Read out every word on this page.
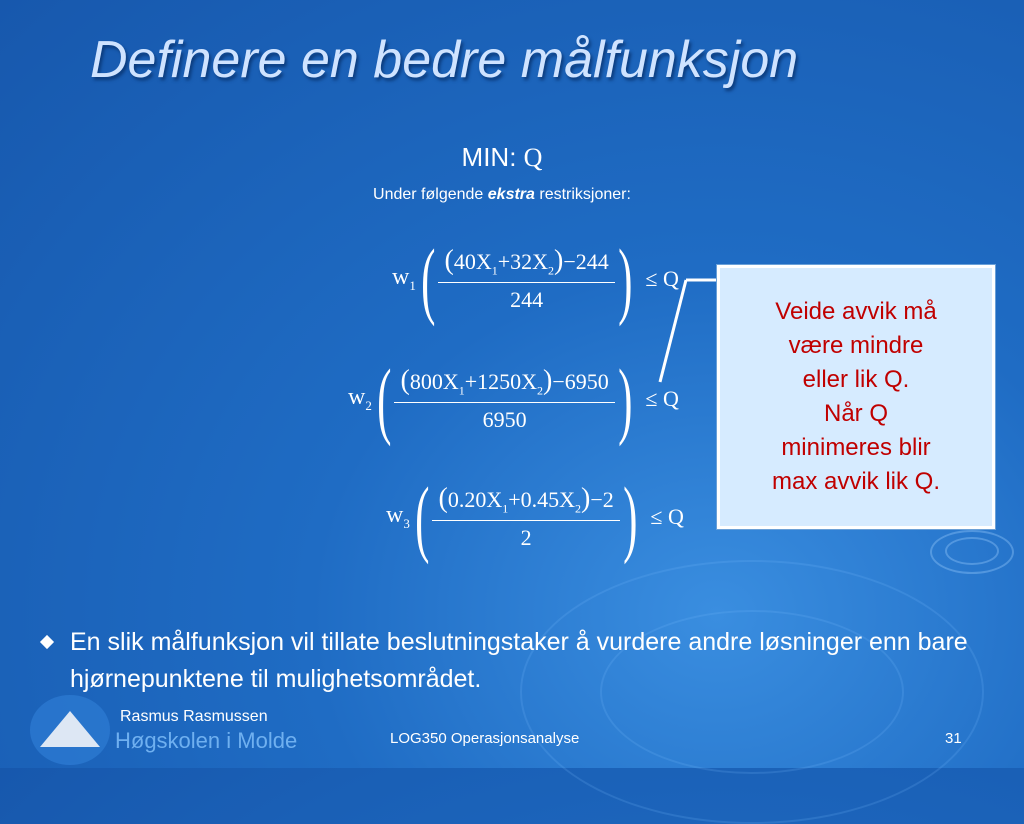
Definere en bedre målfunksjon
MIN: Q
Under følgende ekstra restriksjoner:
$w_1$ ( $\frac{(40X_1+32X_2)-244}{244}$ ) ≤ Q
$w_2$ ( $\frac{(800X_1+1250X_2)-6950}{6950}$ ) ≤ Q
$w_3$ ( $\frac{(0.20X_1+0.45X_2)-2}{2}$ ) ≤ Q
Veide avvik må
være mindre
eller lik Q.
Når Q
minimeres blir
max avvik lik Q.
En slik målfunksjon vil tillate beslutningstaker å vurdere andre løsninger enn bare hjørnepunktene til mulighetsområdet.
Høgskolen i Molde
Rasmus Rasmussen
LOG350 Operasjonsanalyse	31
